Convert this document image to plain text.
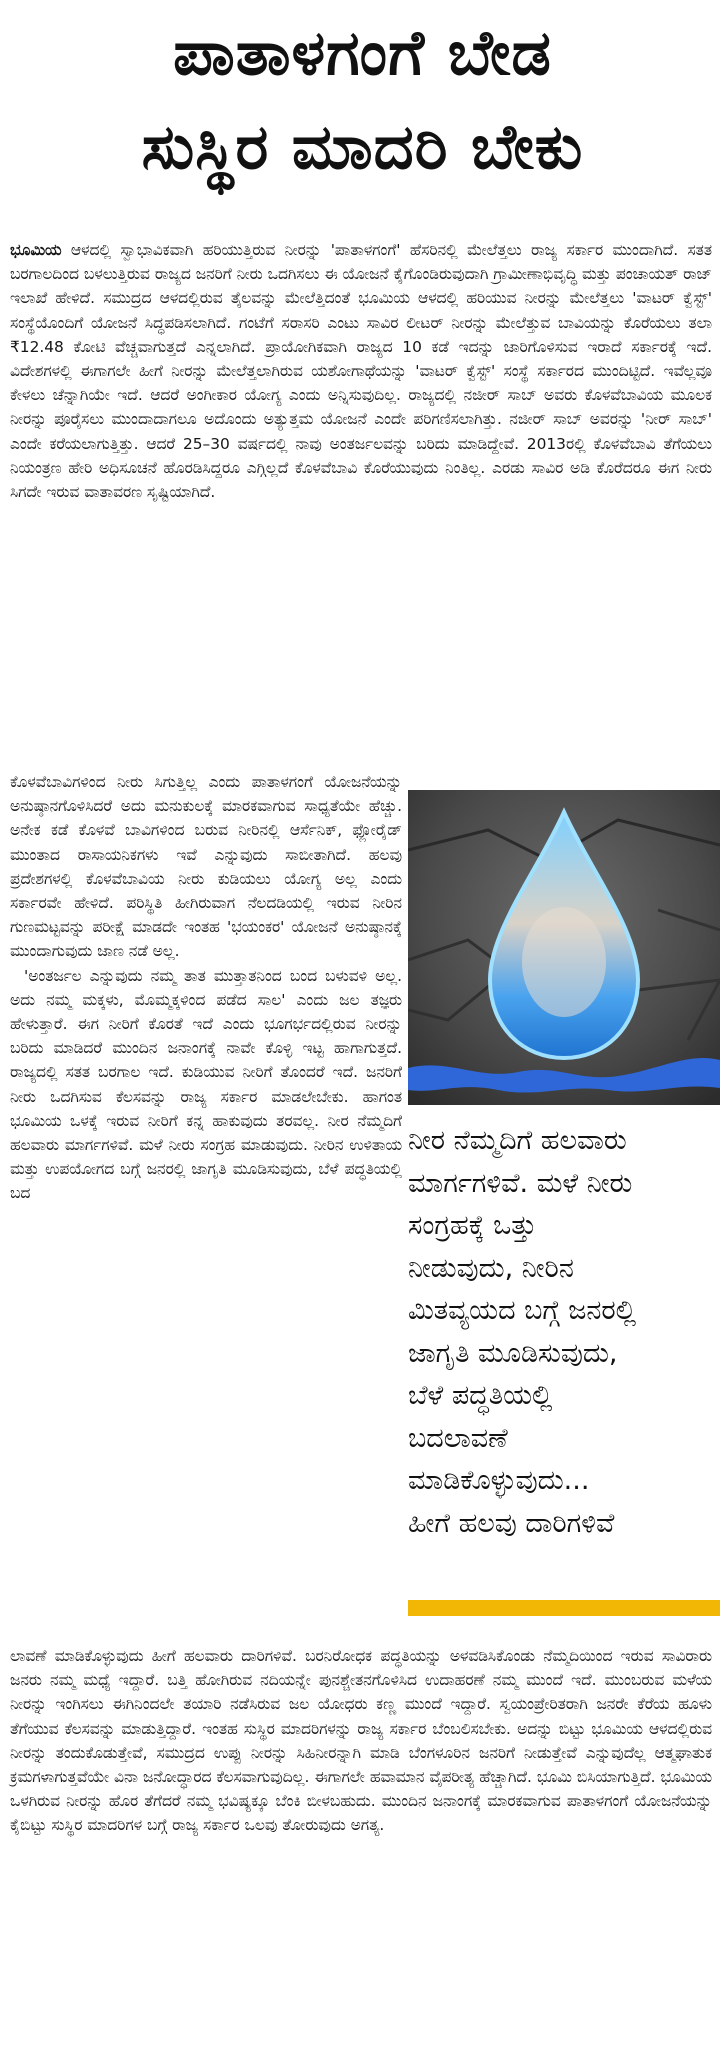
ಪಾತಾಳಗಂಗೆ ಬೇಡ
ಸುಸ್ಥಿರ ಮಾದರಿ ಬೇಕು

ಭೂಮಿಯ ಆಳದಲ್ಲಿ ಸ್ವಾಭಾವಿಕವಾಗಿ ಹರಿಯುತ್ತಿರುವ ನೀರನ್ನು 'ಪಾತಾಳಗಂಗೆ' ಹೆಸರಿನಲ್ಲಿ ಮೇಲೆತ್ತಲು ರಾಜ್ಯ ಸರ್ಕಾರ ಮುಂದಾಗಿದೆ. ಸತತ ಬರಗಾಲದಿಂದ ಬಳಲುತ್ತಿರುವ ರಾಜ್ಯದ ಜನರಿಗೆ ನೀರು ಒದಗಿಸಲು ಈ ಯೋಜನೆ ಕೈಗೊಂಡಿರುವುದಾಗಿ ಗ್ರಾಮೀಣಾಭಿವೃದ್ಧಿ ಮತ್ತು ಪಂಚಾಯತ್ ರಾಜ್ ಇಲಾಖೆ ಹೇಳಿದೆ. ಸಮುದ್ರದ ಆಳದಲ್ಲಿರುವ ತೈಲವನ್ನು ಮೇಲೆತ್ತಿದಂತೆ ಭೂಮಿಯ ಆಳದಲ್ಲಿ ಹರಿಯುವ ನೀರನ್ನು ಮೇಲೆತ್ತಲು 'ವಾಟರ್ ಕ್ವೆಸ್ಟ್' ಸಂಸ್ಥೆಯೊಂದಿಗೆ ಯೋಜನೆ ಸಿದ್ಧಪಡಿಸಲಾಗಿದೆ. ಗಂಟೆಗೆ ಸರಾಸರಿ ಎಂಟು ಸಾವಿರ ಲೀಟರ್ ನೀರನ್ನು ಮೇಲೆತ್ತುವ ಬಾವಿಯನ್ನು ಕೊರೆಯಲು ತಲಾ ₹12.48 ಕೋಟಿ ವೆಚ್ಚವಾಗುತ್ತದೆ ಎನ್ನಲಾಗಿದೆ. ಪ್ರಾಯೋಗಿಕವಾಗಿ ರಾಜ್ಯದ 10 ಕಡೆ ಇದನ್ನು ಜಾರಿಗೊಳಿಸುವ ಇರಾದೆ ಸರ್ಕಾರಕ್ಕೆ ಇದೆ. ವಿದೇಶಗಳಲ್ಲಿ ಈಗಾಗಲೇ ಹೀಗೆ ನೀರನ್ನು ಮೇಲೆತ್ತಲಾಗಿರುವ ಯಶೋಗಾಥೆಯನ್ನು 'ವಾಟರ್ ಕ್ವೆಸ್ಟ್' ಸಂಸ್ಥೆ ಸರ್ಕಾರದ ಮುಂದಿಟ್ಟಿದೆ. ಇವೆಲ್ಲವೂ ಕೇಳಲು ಚೆನ್ನಾಗಿಯೇ ಇದೆ. ಆದರೆ ಅಂಗೀಕಾರ ಯೋಗ್ಯ ಎಂದು ಅನ್ನಿಸುವುದಿಲ್ಲ. ರಾಜ್ಯದಲ್ಲಿ ನಜೀರ್ ಸಾಬ್ ಅವರು ಕೊಳವೆಬಾವಿಯ ಮೂಲಕ ನೀರನ್ನು ಪೂರೈಸಲು ಮುಂದಾದಾಗಲೂ ಅದೊಂದು ಅತ್ಯುತ್ತಮ ಯೋಜನೆ ಎಂದೇ ಪರಿಗಣಿಸಲಾಗಿತ್ತು. ನಜೀರ್ ಸಾಬ್ ಅವರನ್ನು 'ನೀರ್ ಸಾಬ್' ಎಂದೇ ಕರೆಯಲಾಗುತ್ತಿತ್ತು. ಆದರೆ 25–30 ವರ್ಷದಲ್ಲಿ ನಾವು ಅಂತರ್ಜಲವನ್ನು ಬರಿದು ಮಾಡಿದ್ದೇವೆ. 2013ರಲ್ಲಿ ಕೊಳವೆಬಾವಿ ತೆಗೆಯಲು ನಿಯಂತ್ರಣ ಹೇರಿ ಅಧಿಸೂಚನೆ ಹೊರಡಿಸಿದ್ದರೂ ಎಗ್ಗಿಲ್ಲದೆ ಕೊಳವೆಬಾವಿ ಕೊರೆಯುವುದು ನಿಂತಿಲ್ಲ. ಎರಡು ಸಾವಿರ ಅಡಿ ಕೊರೆದರೂ ಈಗ ನೀರು ಸಿಗದೇ ಇರುವ ವಾತಾವರಣ ಸೃಷ್ಟಿಯಾಗಿದೆ.

ಕೊಳವೆಬಾವಿಗಳಿಂದ ನೀರು ಸಿಗುತ್ತಿಲ್ಲ ಎಂದು ಪಾತಾಳಗಂಗೆ ಯೋಜನೆಯನ್ನು ಅನುಷ್ಠಾನಗೊಳಿಸಿದರೆ ಅದು ಮನುಕುಲಕ್ಕೆ ಮಾರಕವಾಗುವ ಸಾಧ್ಯತೆಯೇ ಹೆಚ್ಚು. ಅನೇಕ ಕಡೆ ಕೊಳವೆ ಬಾವಿಗಳಿಂದ ಬರುವ ನೀರಿನಲ್ಲಿ ಆರ್ಸೆನಿಕ್, ಫ್ಲೋರೈಡ್ ಮುಂತಾದ ರಾಸಾಯನಿಕಗಳು ಇವೆ ಎನ್ನುವುದು ಸಾಬೀತಾಗಿದೆ. ಹಲವು ಪ್ರದೇಶಗಳಲ್ಲಿ ಕೊಳವೆಬಾವಿಯ ನೀರು ಕುಡಿಯಲು ಯೋಗ್ಯ ಅಲ್ಲ ಎಂದು ಸರ್ಕಾರವೇ ಹೇಳಿದೆ. ಪರಿಸ್ಥಿತಿ ಹೀಗಿರುವಾಗ ನೆಲದಡಿಯಲ್ಲಿ ಇರುವ ನೀರಿನ ಗುಣಮಟ್ಟವನ್ನು ಪರೀಕ್ಷೆ ಮಾಡದೇ ಇಂತಹ 'ಭಯಂಕರ' ಯೋಜನೆ ಅನುಷ್ಠಾನಕ್ಕೆ ಮುಂದಾಗುವುದು ಜಾಣ ನಡೆ ಅಲ್ಲ.

'ಅಂತರ್ಜಲ ಎನ್ನುವುದು ನಮ್ಮ ತಾತ ಮುತ್ತಾತನಿಂದ ಬಂದ ಬಳುವಳಿ ಅಲ್ಲ. ಅದು ನಮ್ಮ ಮಕ್ಕಳು, ಮೊಮ್ಮಕ್ಕಳಿಂದ ಪಡೆದ ಸಾಲ' ಎಂದು ಜಲ ತಜ್ಞರು ಹೇಳುತ್ತಾರೆ. ಈಗ ನೀರಿಗೆ ಕೊರತೆ ಇದೆ ಎಂದು ಭೂಗರ್ಭದಲ್ಲಿರುವ ನೀರನ್ನು ಬರಿದು ಮಾಡಿದರೆ ಮುಂದಿನ ಜನಾಂಗಕ್ಕೆ ನಾವೇ ಕೊಳ್ಳಿ ಇಟ್ಟ ಹಾಗಾಗುತ್ತದೆ. ರಾಜ್ಯದಲ್ಲಿ ಸತತ ಬರಗಾಲ ಇದೆ. ಕುಡಿಯುವ ನೀರಿಗೆ ತೊಂದರೆ ಇದೆ. ಜನರಿಗೆ ನೀರು ಒದಗಿಸುವ ಕೆಲಸವನ್ನು ರಾಜ್ಯ ಸರ್ಕಾರ ಮಾಡಲೇಬೇಕು. ಹಾಗಂತ ಭೂಮಿಯ ಒಳಕ್ಕೆ ಇರುವ ನೀರಿಗೆ ಕನ್ನ ಹಾಕುವುದು ತರವಲ್ಲ. ನೀರ ನೆಮ್ಮದಿಗೆ ಹಲವಾರು ಮಾರ್ಗಗಳಿವೆ. ಮಳೆ ನೀರು ಸಂಗ್ರಹ ಮಾಡುವುದು. ನೀರಿನ ಉಳಿತಾಯ ಮತ್ತು ಉಪಯೋಗದ ಬಗ್ಗೆ ಜನರಲ್ಲಿ ಜಾಗೃತಿ ಮೂಡಿಸುವುದು, ಬೆಳೆ ಪದ್ಧತಿಯಲ್ಲಿ ಬದ

ನೀರ ನೆಮ್ಮದಿಗೆ ಹಲವಾರು
ಮಾರ್ಗಗಳಿವೆ. ಮಳೆ ನೀರು
ಸಂಗ್ರಹಕ್ಕೆ ಒತ್ತು
ನೀಡುವುದು, ನೀರಿನ
ಮಿತವ್ಯಯದ ಬಗ್ಗೆ ಜನರಲ್ಲಿ
ಜಾಗೃತಿ ಮೂಡಿಸುವುದು,
ಬೆಳೆ ಪದ್ಧತಿಯಲ್ಲಿ
ಬದಲಾವಣೆ
ಮಾಡಿಕೊಳ್ಳುವುದು...
ಹೀಗೆ ಹಲವು ದಾರಿಗಳಿವೆ

ಲಾವಣೆ ಮಾಡಿಕೊಳ್ಳುವುದು ಹೀಗೆ ಹಲವಾರು ದಾರಿಗಳಿವೆ. ಬರನಿರೋಧಕ ಪದ್ಧತಿಯನ್ನು ಅಳವಡಿಸಿಕೊಂಡು ನೆಮ್ಮದಿಯಿಂದ ಇರುವ ಸಾವಿರಾರು ಜನರು ನಮ್ಮ ಮಧ್ಯೆ ಇದ್ದಾರೆ. ಬತ್ತಿ ಹೋಗಿರುವ ನದಿಯನ್ನೇ ಪುನಶ್ಚೇತನಗೊಳಿಸಿದ ಉದಾಹರಣೆ ನಮ್ಮ ಮುಂದೆ ಇದೆ. ಮುಂಬರುವ ಮಳೆಯ ನೀರನ್ನು ಇಂಗಿಸಲು ಈಗಿನಿಂದಲೇ ತಯಾರಿ ನಡೆಸಿರುವ ಜಲ ಯೋಧರು ಕಣ್ಣ ಮುಂದೆ ಇದ್ದಾರೆ. ಸ್ವಯಂಪ್ರೇರಿತರಾಗಿ ಜನರೇ ಕೆರೆಯ ಹೂಳು ತೆಗೆಯುವ ಕೆಲಸವನ್ನು ಮಾಡುತ್ತಿದ್ದಾರೆ. ಇಂತಹ ಸುಸ್ಥಿರ ಮಾದರಿಗಳನ್ನು ರಾಜ್ಯ ಸರ್ಕಾರ ಬೆಂಬಲಿಸಬೇಕು. ಅದನ್ನು ಬಿಟ್ಟು ಭೂಮಿಯ ಆಳದಲ್ಲಿರುವ ನೀರನ್ನು ತಂದುಕೊಡುತ್ತೇವೆ, ಸಮುದ್ರದ ಉಪ್ಪು ನೀರನ್ನು ಸಿಹಿನೀರನ್ನಾಗಿ ಮಾಡಿ ಬೆಂಗಳೂರಿನ ಜನರಿಗೆ ನೀಡುತ್ತೇವೆ ಎನ್ನುವುದೆಲ್ಲ ಆತ್ಮಘಾತುಕ ಕ್ರಮಗಳಾಗುತ್ತವೆಯೇ ವಿನಾ ಜನೋದ್ಧಾರದ ಕೆಲಸವಾಗುವುದಿಲ್ಲ. ಈಗಾಗಲೇ ಹವಾಮಾನ ವೈಪರೀತ್ಯ ಹೆಚ್ಚಾಗಿದೆ. ಭೂಮಿ ಬಿಸಿಯಾಗುತ್ತಿದೆ. ಭೂಮಿಯ ಒಳಗಿರುವ ನೀರನ್ನು ಹೊರ ತೆಗೆದರೆ ನಮ್ಮ ಭವಿಷ್ಯಕ್ಕೂ ಬೆಂಕಿ ಬೀಳಬಹುದು. ಮುಂದಿನ ಜನಾಂಗಕ್ಕೆ ಮಾರಕವಾಗುವ ಪಾತಾಳಗಂಗೆ ಯೋಜನೆಯನ್ನು ಕೈಬಿಟ್ಟು ಸುಸ್ಥಿರ ಮಾದರಿಗಳ ಬಗ್ಗೆ ರಾಜ್ಯ ಸರ್ಕಾರ ಒಲವು ತೋರುವುದು ಅಗತ್ಯ.
